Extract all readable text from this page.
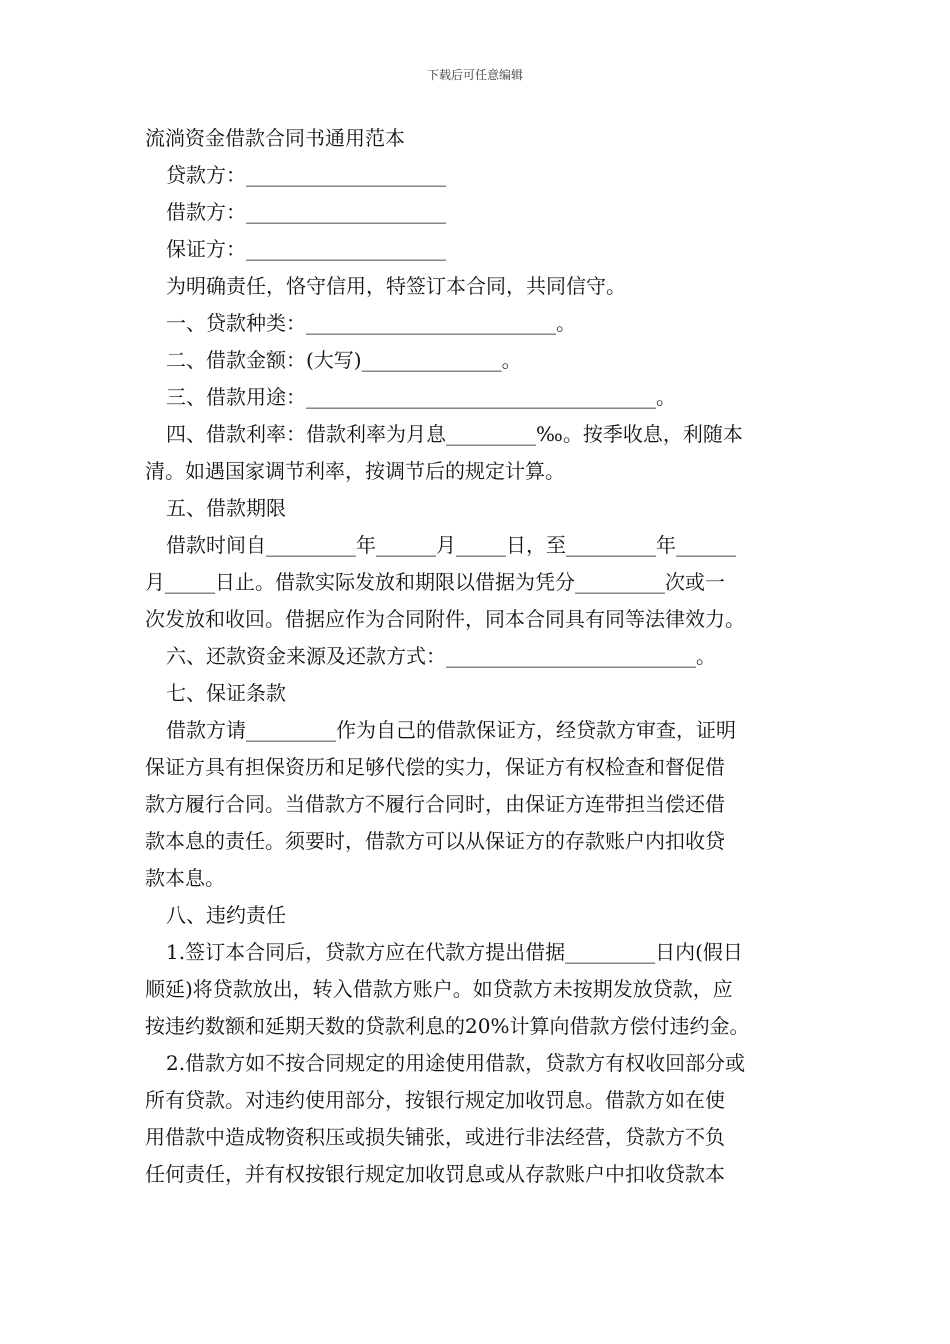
下载后可任意编辑
流淌资金借款合同书通用范本
贷款方：____________________
借款方：____________________
保证方：____________________
为明确责任，恪守信用，特签订本合同，共同信守。
一、贷款种类：_________________________。
二、借款金额：(大写)______________。
三、借款用途：___________________________________。
四、借款利率：借款利率为月息_________‰。按季收息，利随本
清。如遇国家调节利率，按调节后的规定计算。
五、借款期限
借款时间自_________年______月_____日，至_________年______
月_____日止。借款实际发放和期限以借据为凭分_________次或一
次发放和收回。借据应作为合同附件，同本合同具有同等法律效力。
六、还款资金来源及还款方式：_________________________。
七、保证条款
借款方请_________作为自己的借款保证方，经贷款方审查，证明
保证方具有担保资历和足够代偿的实力，保证方有权检查和督促借
款方履行合同。当借款方不履行合同时，由保证方连带担当偿还借
款本息的责任。须要时，借款方可以从保证方的存款账户内扣收贷
款本息。
八、违约责任
1.签订本合同后，贷款方应在代款方提出借据_________日内(假日
顺延)将贷款放出，转入借款方账户。如贷款方未按期发放贷款，应
按违约数额和延期天数的贷款利息的20%计算向借款方偿付违约金。
2.借款方如不按合同规定的用途使用借款，贷款方有权收回部分或
所有贷款。对违约使用部分，按银行规定加收罚息。借款方如在使
用借款中造成物资积压或损失铺张，或进行非法经营，贷款方不负
任何责任，并有权按银行规定加收罚息或从存款账户中扣收贷款本
